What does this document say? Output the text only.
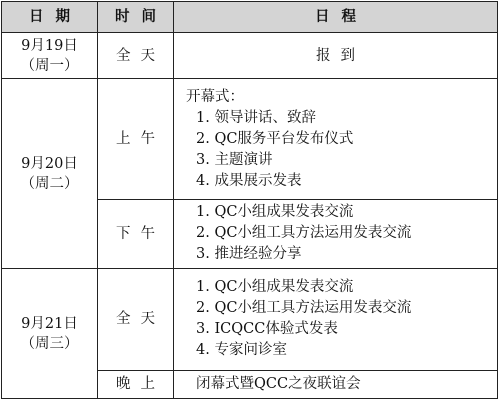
日期	时间	日程

9月19日
（周一）	全天	报到

9月20日
（周二）	上午	开幕式：
1. 领导讲话、致辞
2. QC服务平台发布仪式
3. 主题演讲
4. 成果展示发表

	下午	1. QC小组成果发表交流
2. QC小组工具方法运用发表交流
3. 推进经验分享

9月21日
（周三）	全天	1. QC小组成果发表交流
2. QC小组工具方法运用发表交流
3. ICQCC体验式发表
4. 专家问诊室

	晚上	闭幕式暨QCC之夜联谊会
